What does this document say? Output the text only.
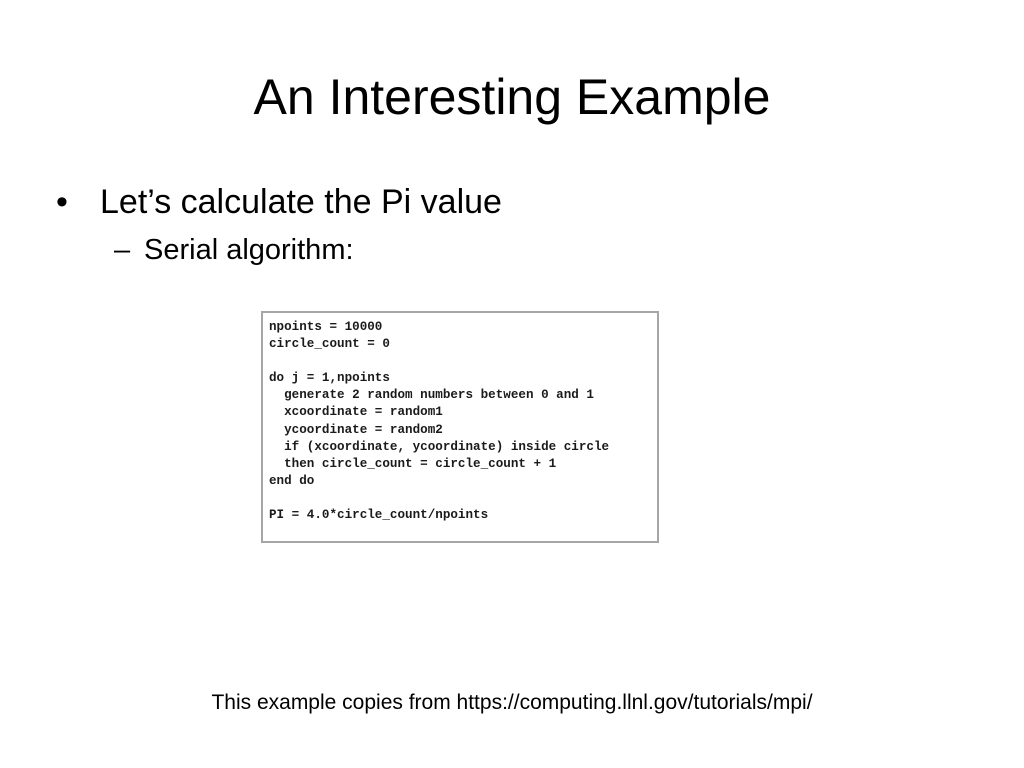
An Interesting Example
• Let’s calculate the Pi value
– Serial algorithm:
npoints = 10000
circle_count = 0
do j = 1,npoints
generate 2 random numbers between 0 and 1
xcoordinate = random1
ycoordinate = random2
if (xcoordinate, ycoordinate) inside circle
then circle_count = circle_count + 1
end do
PI = 4.0*circle_count/npoints
This example copies from https://computing.llnl.gov/tutorials/mpi/
